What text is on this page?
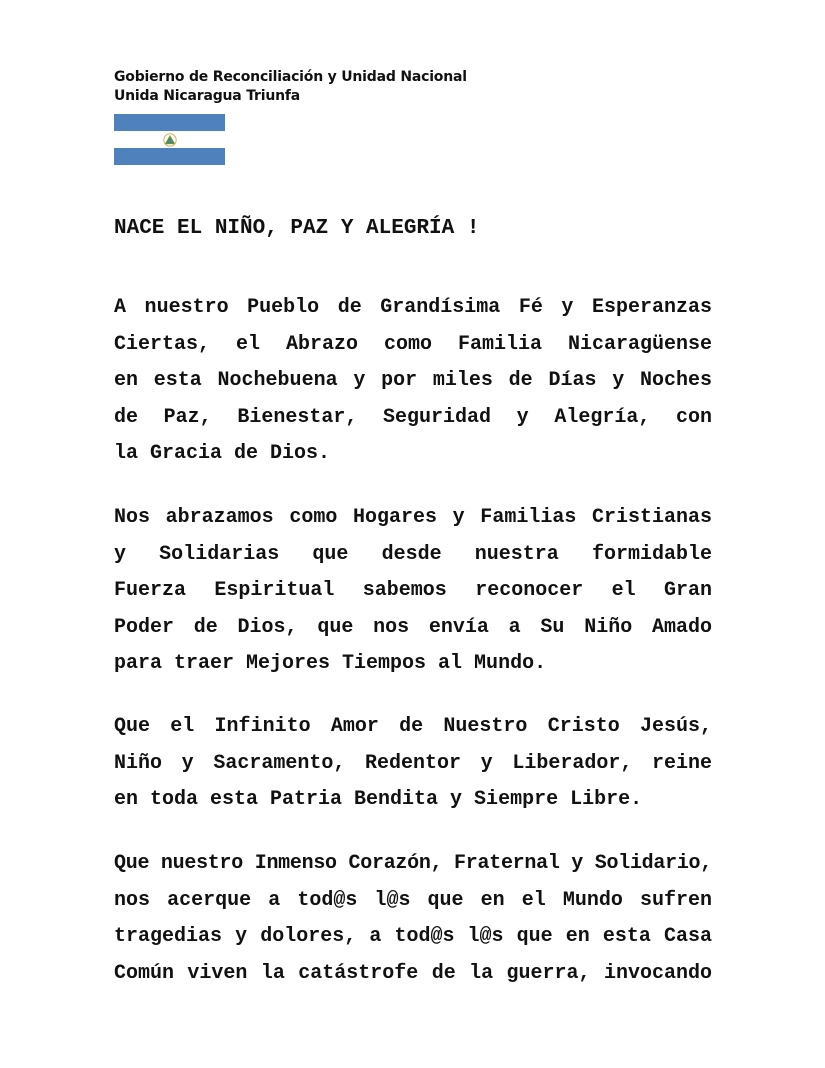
Gobierno de Reconciliación y Unidad Nacional
Unida Nicaragua Triunfa
NACE EL NIÑO, PAZ Y ALEGRÍA !
A nuestro Pueblo de Grandísima Fé y Esperanzas
Ciertas, el Abrazo como Familia Nicaragüense
en esta Nochebuena y por miles de Días y Noches
de Paz, Bienestar, Seguridad y Alegría, con
la Gracia de Dios.
Nos abrazamos como Hogares y Familias Cristianas
y Solidarias que desde nuestra formidable
Fuerza Espiritual sabemos reconocer el Gran
Poder de Dios, que nos envía a Su Niño Amado
para traer Mejores Tiempos al Mundo.
Que el Infinito Amor de Nuestro Cristo Jesús,
Niño y Sacramento, Redentor y Liberador, reine
en toda esta Patria Bendita y Siempre Libre.
Que nuestro Inmenso Corazón, Fraternal y Solidario,
nos acerque a tod@s l@s que en el Mundo sufren
tragedias y dolores, a tod@s l@s que en esta Casa
Común viven la catástrofe de la guerra, invocando
